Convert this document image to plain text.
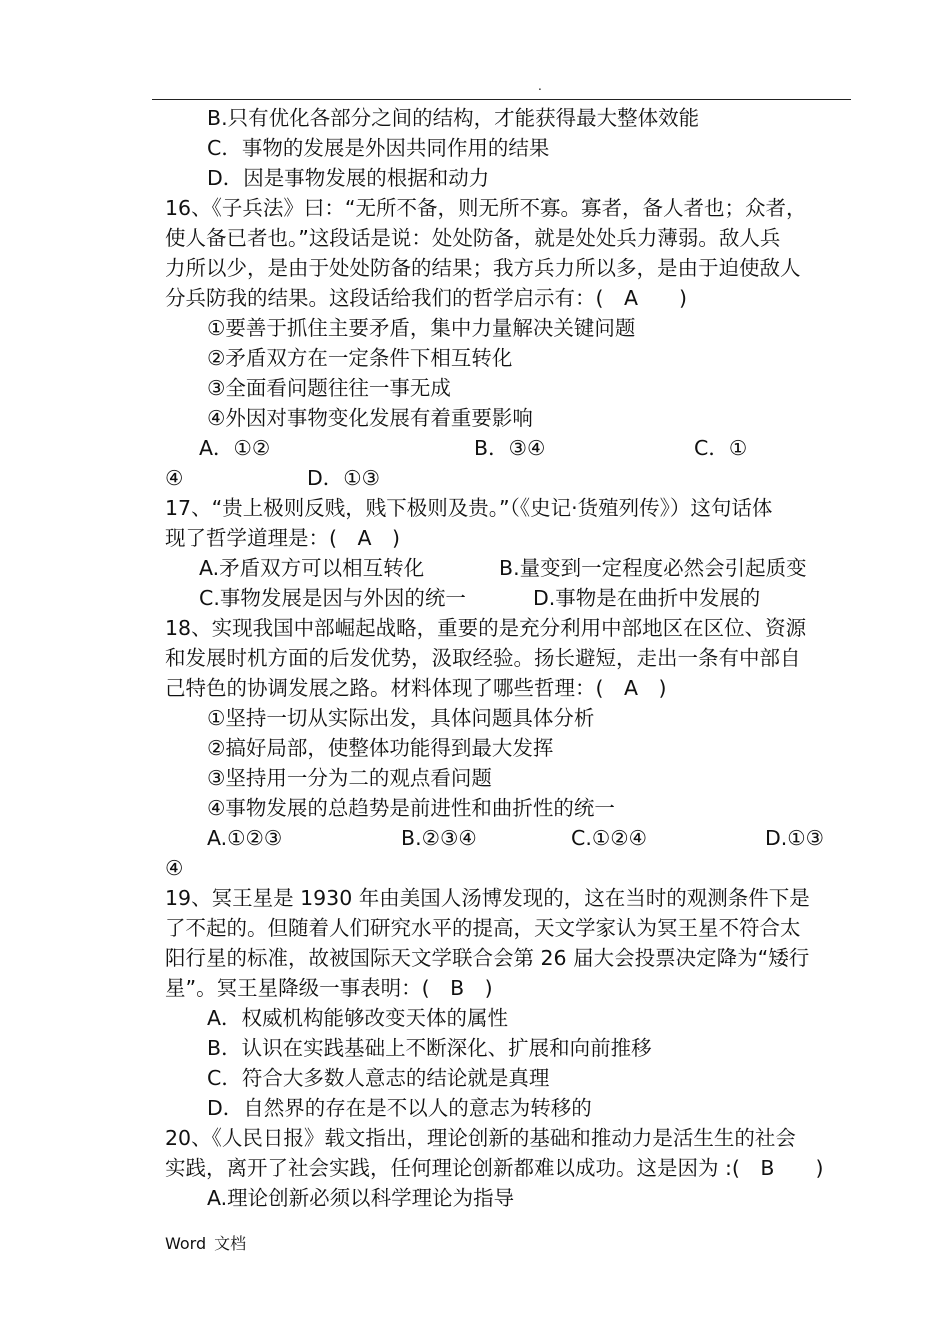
.
B.只有优化各部分之间的结构，才能获得最大整体效能
C．事物的发展是外因共同作用的结果
D．因是事物发展的根据和动力
16、《子兵法》曰：“无所不备，则无所不寡。寡者，备人者也；众者，
使人备已者也。”这段话是说：处处防备，就是处处兵力薄弱。敌人兵
力所以少，是由于处处防备的结果；我方兵力所以多，是由于迫使敌人
分兵防我的结果。这段话给我们的哲学启示有：(　A　　)
①要善于抓住主要矛盾，集中力量解决关键问题
②矛盾双方在一定条件下相互转化
③全面看问题往往一事无成
④外因对事物变化发展有着重要影响
A．①②	B．③④	C．①
④	D．①③
17、“贵上极则反贱，贱下极则及贵。”（《史记·货殖列传》）这句话体
现了哲学道理是：(　A　)
A.矛盾双方可以相互转化	B.量变到一定程度必然会引起质变
C.事物发展是因与外因的统一	D.事物是在曲折中发展的
18、实现我国中部崛起战略，重要的是充分利用中部地区在区位、资源
和发展时机方面的后发优势，汲取经验。扬长避短，走出一条有中部自
己特色的协调发展之路。材料体现了哪些哲理：(　A　)
①坚持一切从实际出发，具体问题具体分析
②搞好局部，使整体功能得到最大发挥
③坚持用一分为二的观点看问题
④事物发展的总趋势是前进性和曲折性的统一
A.①②③	B.②③④	C.①②④	D.①③
④
19、冥王星是 1930 年由美国人汤博发现的，这在当时的观测条件下是
了不起的。但随着人们研究水平的提高，天文学家认为冥王星不符合太
阳行星的标准，故被国际天文学联合会第 26 届大会投票决定降为“矮行
星”。冥王星降级一事表明：(　B　)
A．权威机构能够改变天体的属性
B．认识在实践基础上不断深化、扩展和向前推移
C．符合大多数人意志的结论就是真理
D．自然界的存在是不以人的意志为转移的
20、《人民日报》载文指出，理论创新的基础和推动力是活生生的社会
实践，离开了社会实践，任何理论创新都难以成功。这是因为 :(　B　　)
A.理论创新必须以科学理论为指导
Word 文档
